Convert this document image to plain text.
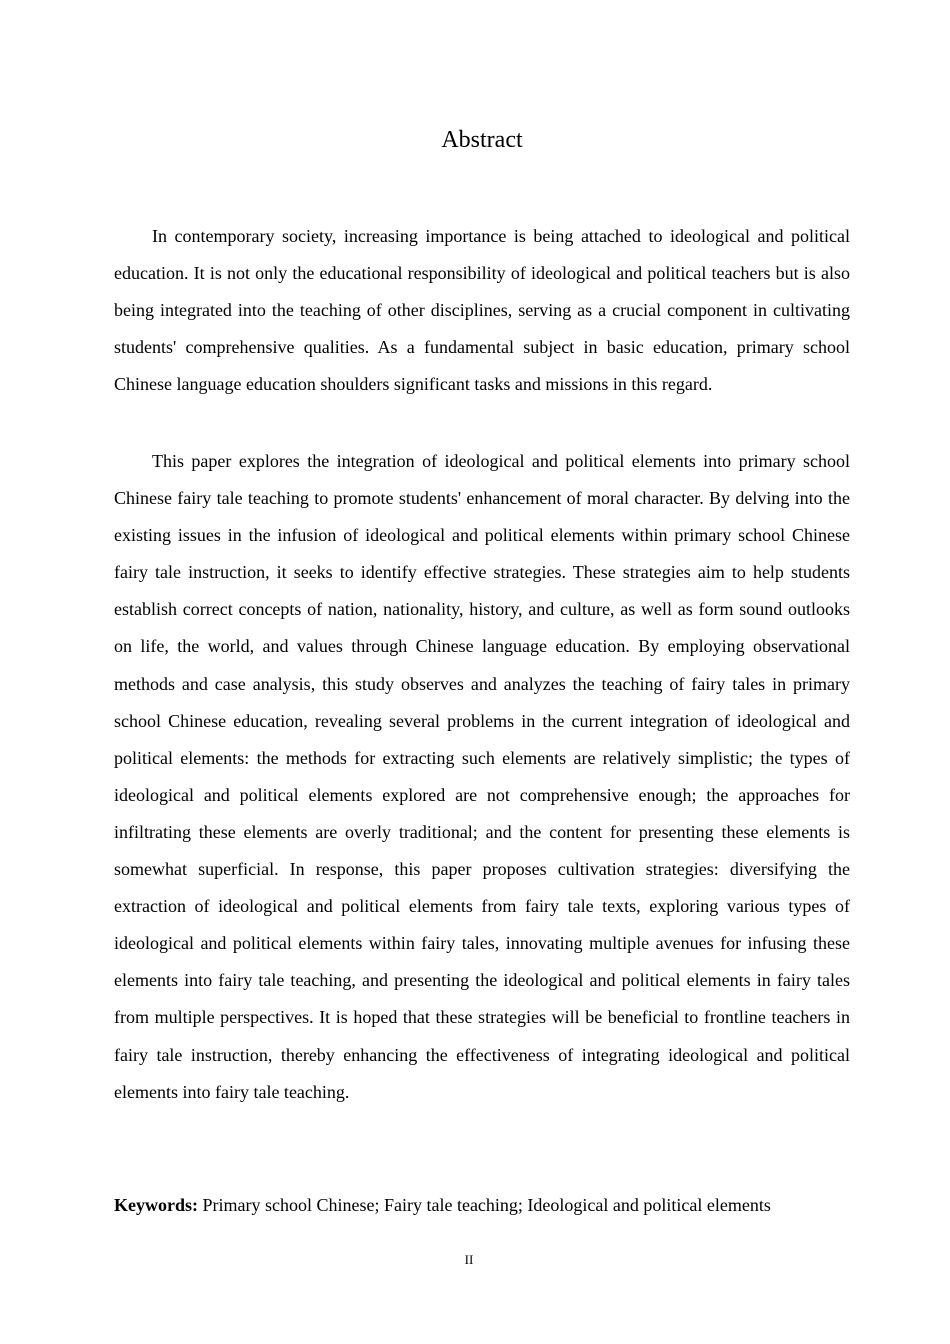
Abstract

In contemporary society, increasing importance is being attached to ideological and political education. It is not only the educational responsibility of ideological and political teachers but is also being integrated into the teaching of other disciplines, serving as a crucial component in cultivating students' comprehensive qualities. As a fundamental subject in basic education, primary school Chinese language education shoulders significant tasks and missions in this regard.

This paper explores the integration of ideological and political elements into primary school Chinese fairy tale teaching to promote students' enhancement of moral character. By delving into the existing issues in the infusion of ideological and political elements within primary school Chinese fairy tale instruction, it seeks to identify effective strategies. These strategies aim to help students establish correct concepts of nation, nationality, history, and culture, as well as form sound outlooks on life, the world, and values through Chinese language education. By employing observational methods and case analysis, this study observes and analyzes the teaching of fairy tales in primary school Chinese education, revealing several problems in the current integration of ideological and political elements: the methods for extracting such elements are relatively simplistic; the types of ideological and political elements explored are not comprehensive enough; the approaches for infiltrating these elements are overly traditional; and the content for presenting these elements is somewhat superficial. In response, this paper proposes cultivation strategies: diversifying the extraction of ideological and political elements from fairy tale texts, exploring various types of ideological and political elements within fairy tales, innovating multiple avenues for infusing these elements into fairy tale teaching, and presenting the ideological and political elements in fairy tales from multiple perspectives. It is hoped that these strategies will be beneficial to frontline teachers in fairy tale instruction, thereby enhancing the effectiveness of integrating ideological and political elements into fairy tale teaching.

Keywords: Primary school Chinese; Fairy tale teaching; Ideological and political elements

II
